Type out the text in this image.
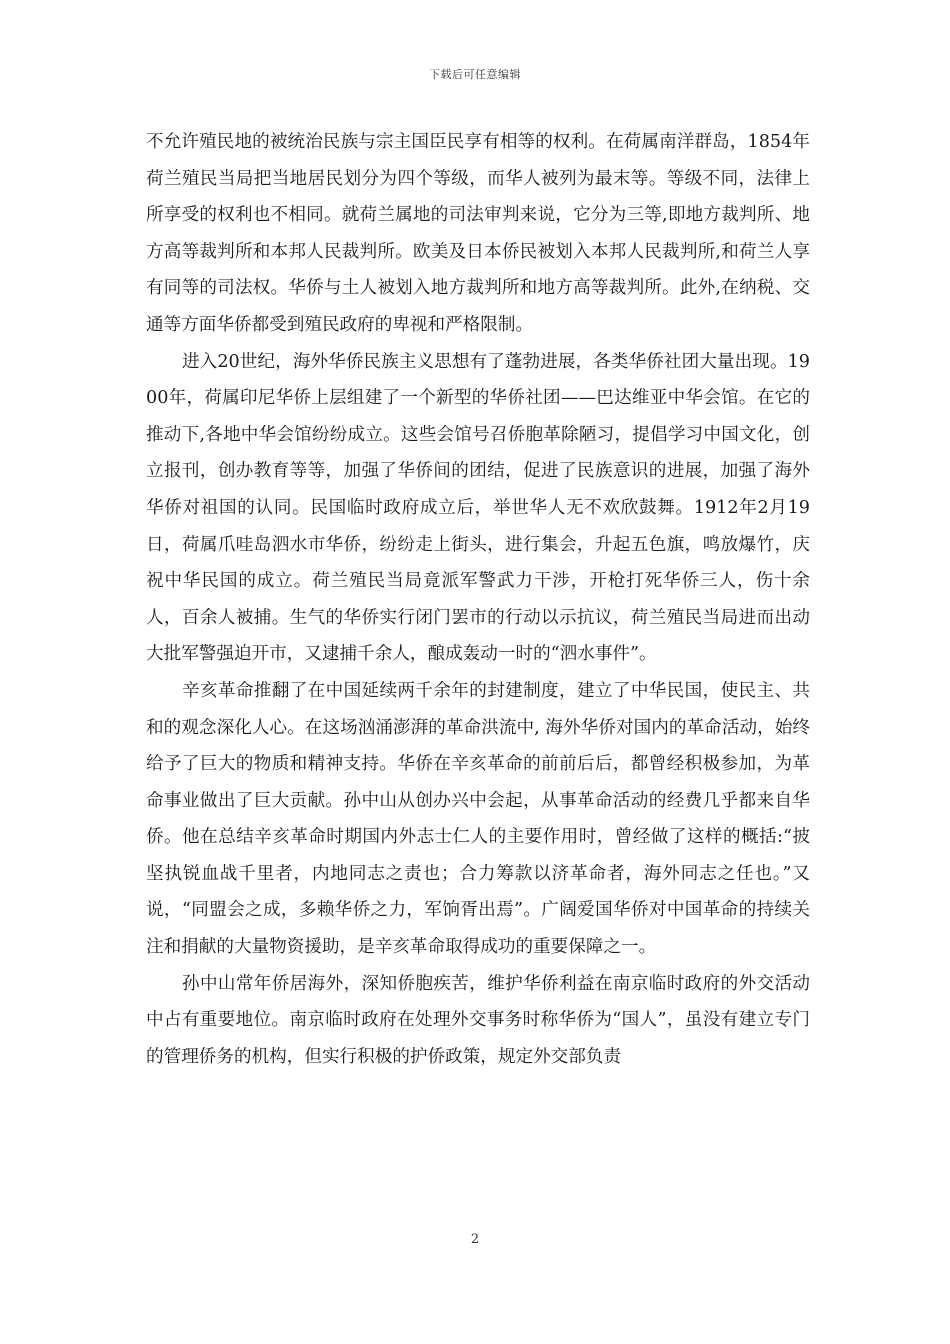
下载后可任意编辑

不允许殖民地的被统治民族与宗主国臣民享有相等的权利。在荷属南洋群岛，1854年荷兰殖民当局把当地居民划分为四个等级，而华人被列为最末等。等级不同，法律上所享受的权利也不相同。就荷兰属地的司法审判来说，它分为三等,即地方裁判所、地方高等裁判所和本邦人民裁判所。欧美及日本侨民被划入本邦人民裁判所,和荷兰人享有同等的司法权。华侨与土人被划入地方裁判所和地方高等裁判所。此外,在纳税、交通等方面华侨都受到殖民政府的卑视和严格限制。

进入20世纪，海外华侨民族主义思想有了蓬勃进展，各类华侨社团大量出现。1900年，荷属印尼华侨上层组建了一个新型的华侨社团——巴达维亚中华会馆。在它的推动下,各地中华会馆纷纷成立。这些会馆号召侨胞革除陋习，提倡学习中国文化，创立报刊，创办教育等等，加强了华侨间的团结，促进了民族意识的进展，加强了海外华侨对祖国的认同。民国临时政府成立后，举世华人无不欢欣鼓舞。1912年2月19日，荷属爪哇岛泗水市华侨，纷纷走上街头，进行集会，升起五色旗，鸣放爆竹，庆祝中华民国的成立。荷兰殖民当局竟派军警武力干涉，开枪打死华侨三人，伤十余人，百余人被捕。生气的华侨实行闭门罢市的行动以示抗议，荷兰殖民当局进而出动大批军警强迫开市，又逮捕千余人，酿成轰动一时的“泗水事件”。

辛亥革命推翻了在中国延续两千余年的封建制度，建立了中华民国，使民主、共和的观念深化人心。在这场汹涌澎湃的革命洪流中, 海外华侨对国内的革命活动，始终给予了巨大的物质和精神支持。华侨在辛亥革命的前前后后，都曾经积极参加，为革命事业做出了巨大贡献。孙中山从创办兴中会起，从事革命活动的经费几乎都来自华侨。他在总结辛亥革命时期国内外志士仁人的主要作用时，曾经做了这样的概括:“披坚执锐血战千里者，内地同志之责也；合力筹款以济革命者，海外同志之任也。”又说，“同盟会之成，多赖华侨之力，军饷胥出焉”。广阔爱国华侨对中国革命的持续关注和捐献的大量物资援助，是辛亥革命取得成功的重要保障之一。

孙中山常年侨居海外，深知侨胞疾苦，维护华侨利益在南京临时政府的外交活动中占有重要地位。南京临时政府在处理外交事务时称华侨为“国人”，虽没有建立专门的管理侨务的机构，但实行积极的护侨政策，规定外交部负责

2
